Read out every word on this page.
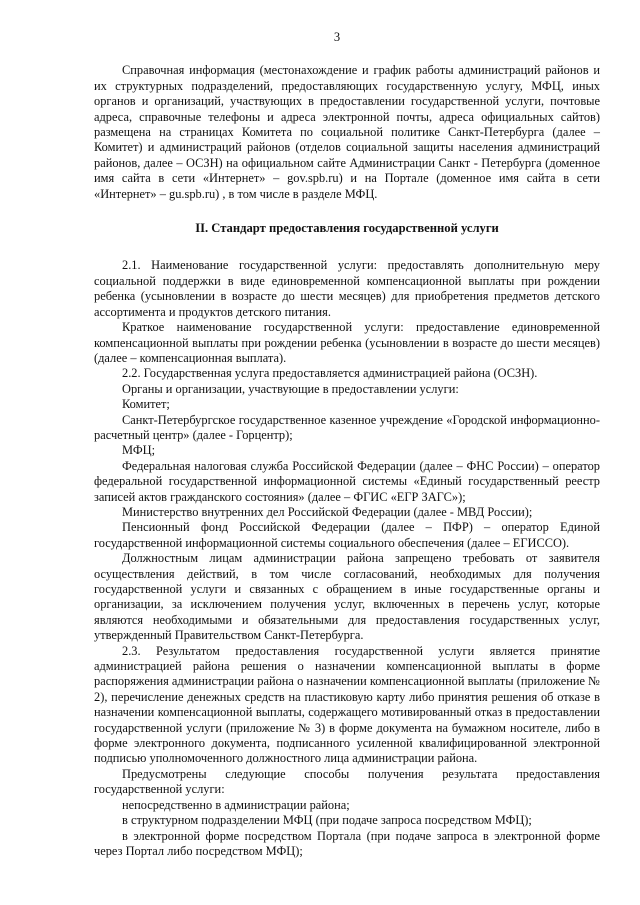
3

Справочная информация (местонахождение и график работы администраций районов и их структурных подразделений, предоставляющих государственную услугу, МФЦ, иных органов и организаций, участвующих в предоставлении государственной услуги, почтовые адреса, справочные телефоны и адреса электронной почты, адреса официальных сайтов) размещена на страницах Комитета по социальной политике Санкт-Петербурга (далее – Комитет) и администраций районов (отделов социальной защиты населения администраций районов, далее – ОСЗН) на официальном сайте Администрации Санкт - Петербурга (доменное имя сайта в сети «Интернет» – gov.spb.ru) и на Портале (доменное имя сайта в сети «Интернет» – gu.spb.ru) , в том числе в разделе МФЦ.

II. Стандарт предоставления государственной услуги

2.1. Наименование государственной услуги: предоставлять дополнительную меру социальной поддержки в виде единовременной компенсационной выплаты при рождении ребенка (усыновлении в возрасте до шести месяцев) для приобретения предметов детского ассортимента и продуктов детского питания.

Краткое наименование государственной услуги: предоставление единовременной компенсационной выплаты при рождении ребенка (усыновлении в возрасте до шести месяцев) (далее – компенсационная выплата).

2.2. Государственная услуга предоставляется администрацией района (ОСЗН).

Органы и организации, участвующие в предоставлении услуги:

Комитет;

Санкт-Петербургское государственное казенное учреждение «Городской информационно-расчетный центр» (далее - Горцентр);

МФЦ;

Федеральная налоговая служба Российской Федерации (далее – ФНС России) – оператор федеральной государственной информационной системы «Единый государственный реестр записей актов гражданского состояния» (далее – ФГИС «ЕГР ЗАГС»);

Министерство внутренних дел Российской Федерации (далее - МВД России);

Пенсионный фонд Российской Федерации (далее – ПФР) – оператор Единой государственной информационной системы социального обеспечения (далее – ЕГИССО).

Должностным лицам администрации района запрещено требовать от заявителя осуществления действий, в том числе согласований, необходимых для получения государственной услуги и связанных с обращением в иные государственные органы и организации, за исключением получения услуг, включенных в перечень услуг, которые являются необходимыми и обязательными для предоставления государственных услуг, утвержденный Правительством Санкт-Петербурга.

2.3. Результатом предоставления государственной услуги является принятие администрацией района решения о назначении компенсационной выплаты в форме распоряжения администрации района о назначении компенсационной выплаты (приложение № 2), перечисление денежных средств на пластиковую карту либо принятия решения об отказе в назначении компенсационной выплаты, содержащего мотивированный отказ в предоставлении государственной услуги (приложение № 3) в форме документа на бумажном носителе, либо в форме электронного документа, подписанного усиленной квалифицированной электронной подписью уполномоченного должностного лица администрации района.

Предусмотрены следующие способы получения результата предоставления государственной услуги:

непосредственно в администрации района;

в структурном подразделении МФЦ (при подаче запроса посредством МФЦ);

в электронной форме посредством Портала (при подаче запроса в электронной форме через Портал либо посредством МФЦ);
